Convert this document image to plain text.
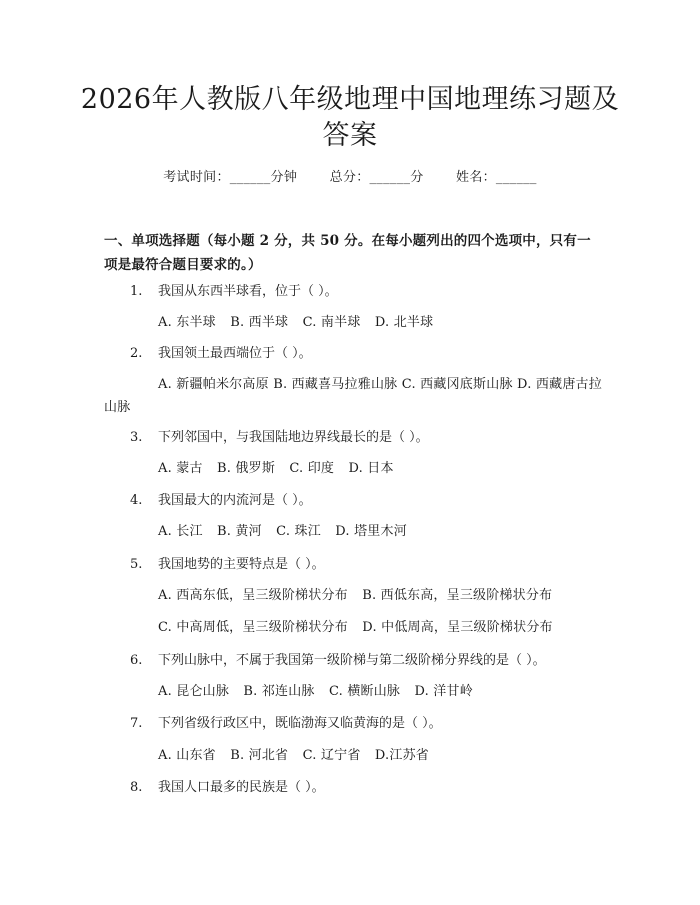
2026年人教版八年级地理中国地理练习题及答案
考试时间：______分钟 总分：______分 姓名：______
一、单项选择题（每小题 2 分，共 50 分。在每小题列出的四个选项中，只有一项是最符合题目要求的。）
1. 我国从东西半球看，位于（ ）。
A. 东半球 B. 西半球 C. 南半球 D. 北半球
2. 我国领土最西端位于（ ）。
A. 新疆帕米尔高原 B. 西藏喜马拉雅山脉 C. 西藏冈底斯山脉 D. 西藏唐古拉山脉
3. 下列邻国中，与我国陆地边界线最长的是（ ）。
A. 蒙古 B. 俄罗斯 C. 印度 D. 日本
4. 我国最大的内流河是（ ）。
A. 长江 B. 黄河 C. 珠江 D. 塔里木河
5. 我国地势的主要特点是（ ）。
A. 西高东低，呈三级阶梯状分布 B. 西低东高，呈三级阶梯状分布
C. 中高周低，呈三级阶梯状分布 D. 中低周高，呈三级阶梯状分布
6. 下列山脉中，不属于我国第一级阶梯与第二级阶梯分界线的是（ ）。
A. 昆仑山脉 B. 祁连山脉 C. 横断山脉 D. 洋甘岭
7. 下列省级行政区中，既临渤海又临黄海的是（ ）。
A. 山东省 B. 河北省 C. 辽宁省 D.江苏省
8. 我国人口最多的民族是（ ）。
